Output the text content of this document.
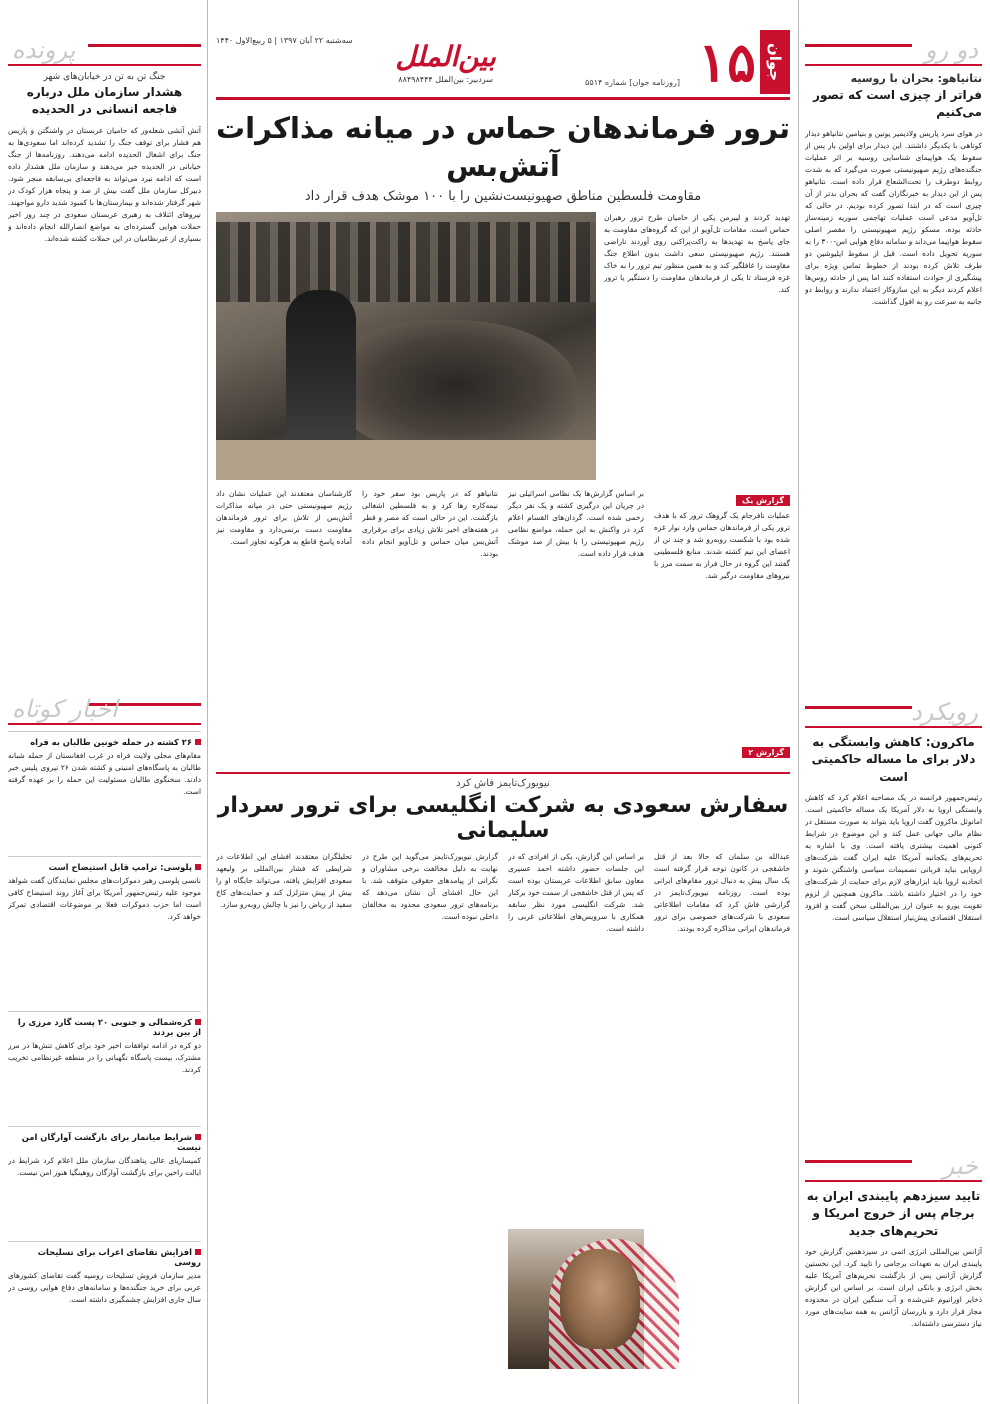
دو رو
نتانیاهو: بحران با روسیه
فراتر از چیزی است که تصور می‌کنیم
در هوای سرد پاریس ولادیمیر پوتین و بنیامین نتانیاهو دیدار کوتاهی با یکدیگر داشتند. این دیدار برای اولین بار پس از سقوط یک هواپیمای شناسایی روسیه بر اثر عملیات جنگنده‌های رژیم صهیونیستی صورت می‌گیرد که به شدت روابط دوطرف را تحت‌الشعاع قرار داده است. نتانیاهو پس از این دیدار به خبرنگاران گفت که بحران بدتر از آن چیزی است که در ابتدا تصور کرده بودیم. در حالی که تل‌آویو مدعی است عملیات تهاجمی سوریه زمینه‌ساز حادثه بوده، مسکو رژیم صهیونیستی را مقصر اصلی سقوط هواپیما می‌داند و سامانه دفاع هوایی اس-۳۰۰ را به سوریه تحویل داده است. قبل از سقوط ایلیوشین دو طرف تلاش کرده بودند از خطوط تماس ویژه برای پیشگیری از حوادث استفاده کنند اما پس از حادثه روس‌ها اعلام کردند دیگر به این سازوکار اعتماد ندارند و روابط دو جانبه به سرعت رو به افول گذاشت.
رویکرد
ماکرون: کاهش وابستگی به دلار برای ما مساله حاکمیتی است
رئیس‌جمهور فرانسه در یک مصاحبه اعلام کرد که کاهش وابستگی اروپا به دلار آمریکا یک مساله حاکمیتی است. امانوئل ماکرون گفت اروپا باید بتواند به صورت مستقل در نظام مالی جهانی عمل کند و این موضوع در شرایط کنونی اهمیت بیشتری یافته است. وی با اشاره به تحریم‌های یکجانبه آمریکا علیه ایران گفت شرکت‌های اروپایی نباید قربانی تصمیمات سیاسی واشنگتن شوند و اتحادیه اروپا باید ابزارهای لازم برای حمایت از شرکت‌های خود را در اختیار داشته باشد. ماکرون همچنین از لزوم تقویت یورو به عنوان ارز بین‌المللی سخن گفت و افزود استقلال اقتصادی پیش‌نیاز استقلال سیاسی است.
خبر
تایید سیزدهم پایبندی ایران به برجام پس از خروج امریکا و تحریم‌های جدید
آژانس بین‌المللی انرژی اتمی در سیزدهمین گزارش خود پایبندی ایران به تعهدات برجامی را تایید کرد. این نخستین گزارش آژانس پس از بازگشت تحریم‌های آمریکا علیه بخش انرژی و بانکی ایران است. بر اساس این گزارش ذخایر اورانیوم غنی‌شده و آب سنگین ایران در محدوده مجاز قرار دارد و بازرسان آژانس به همه سایت‌های مورد نیاز دسترسی داشته‌اند.
پرونده
جنگ تن به تن در خیابان‌های شهر
هشدار سازمان ملل درباره فاجعه انسانی در الحدیده
آتش آتشی شعله‌ور که حامیان عربستان در واشنگتن و پاریس هم فشار برای توقف جنگ را تشدید کرده‌اند اما سعودی‌ها به جنگ برای اشغال الحدیده ادامه می‌دهند. روزنامه‌ها از جنگ خیابانی در الحدیده خبر می‌دهند و سازمان ملل هشدار داده است که ادامه نبرد می‌تواند به فاجعه‌ای بی‌سابقه منجر شود. دبیرکل سازمان ملل گفت بیش از صد و پنجاه هزار کودک در شهر گرفتار شده‌اند و بیمارستان‌ها با کمبود شدید دارو مواجهند. نیروهای ائتلاف به رهبری عربستان سعودی در چند روز اخیر حملات هوایی گسترده‌ای به مواضع انصارالله انجام داده‌اند و بسیاری از غیرنظامیان در این حملات کشته شده‌اند.
اخبار کوتاه
۲۶ کشته در حمله خونین طالبان به فراه
مقام‌های محلی ولایت فراه در غرب افغانستان از حمله شبانه طالبان به پاسگاه‌های امنیتی و کشته شدن ۲۶ نیروی پلیس خبر دادند. سخنگوی طالبان مسئولیت این حمله را بر عهده گرفته است.
پلوسی: ترامپ قابل استیضاح است
نانسی پلوسی رهبر دموکرات‌های مجلس نمایندگان گفت شواهد موجود علیه رئیس‌جمهور آمریکا برای آغاز روند استیضاح کافی است اما حزب دموکرات فعلا بر موضوعات اقتصادی تمرکز خواهد کرد.
کره‌شمالی و جنوبی ۲۰ پست گارد مرزی را از بین بردند
دو کره در ادامه توافقات اخیر خود برای کاهش تنش‌ها در مرز مشترک، بیست پاسگاه نگهبانی را در منطقه غیرنظامی تخریب کردند.
شرایط میانمار برای بازگشت آوارگان امن نیست
کمیساریای عالی پناهندگان سازمان ملل اعلام کرد شرایط در ایالت راخین برای بازگشت آوارگان روهینگیا هنوز امن نیست.
افزایش تقاضای اعراب برای تسلیحات روسی
مدیر سازمان فروش تسلیحات روسیه گفت تقاضای کشورهای عربی برای خرید جنگنده‌ها و سامانه‌های دفاع هوایی روسی در سال جاری افزایش چشمگیری داشته است.
جوان
۱۵
[روزنامه جوان] شماره ۵۵۱۴
بین‌الملل
سردبیر: بین‌الملل ۸۸۴۹۸۴۴۴
سه‌شنبه ۲۲ آبان ۱۳۹۷ | ۵ ربیع‌الاول ۱۴۴۰
ترور فرماندهان حماس در میانه مذاکرات آتش‌بس
مقاومت فلسطین مناطق صهیونیست‌نشین را با ۱۰۰ موشک هدف قرار داد
تهدید کردند و لیبرمن یکی از حامیان طرح ترور رهبران حماس است. مقامات تل‌آویو از این که گروه‌های مقاومت به جای پاسخ به تهدیدها به راکت‌پراکنی روی آوردند ناراضی هستند. رژیم صهیونیستی سعی داشت بدون اطلاع جنگ مقاومت را غافلگیر کند و به همین منظور تیم ترور را به خاک غزه فرستاد تا یکی از فرماندهان مقاومت را دستگیر یا ترور کند.
گزارش یک
عملیات نافرجام یک گروهک ترور که با هدف ترور یکی از فرماندهان حماس وارد نوار غزه شده بود با شکست روبه‌رو شد و چند تن از اعضای این تیم کشته شدند. منابع فلسطینی گفتند این گروه در حال فرار به سمت مرز با نیروهای مقاومت درگیر شد.
بر اساس گزارش‌ها یک نظامی اسرائیلی نیز در جریان این درگیری کشته و یک نفر دیگر زخمی شده است. گردان‌های القسام اعلام کرد در واکنش به این حمله، مواضع نظامی رژیم صهیونیستی را با بیش از صد موشک هدف قرار داده است.
نتانیاهو که در پاریس بود سفر خود را نیمه‌کاره رها کرد و به فلسطین اشغالی بازگشت. این در حالی است که مصر و قطر در هفته‌های اخیر تلاش زیادی برای برقراری آتش‌بس میان حماس و تل‌آویو انجام داده بودند.
کارشناسان معتقدند این عملیات نشان داد رژیم صهیونیستی حتی در میانه مذاکرات آتش‌بس از تلاش برای ترور فرماندهان مقاومت دست برنمی‌دارد و مقاومت نیز آماده پاسخ قاطع به هرگونه تجاوز است.
گزارش ۲
نیویورک‌تایمز فاش کرد
سفارش سعودی به شرکت انگلیسی برای ترور سردار سلیمانی
عبدالله بن سلمان که حالا بعد از قتل خاشقجی در کانون توجه قرار گرفته است یک سال پیش به دنبال ترور مقام‌های ایرانی بوده است. روزنامه نیویورک‌تایمز در گزارشی فاش کرد که مقامات اطلاعاتی سعودی با شرکت‌های خصوصی برای ترور فرماندهان ایرانی مذاکره کرده بودند.
بر اساس این گزارش، یکی از افرادی که در این جلسات حضور داشته احمد عسیری معاون سابق اطلاعات عربستان بوده است که پس از قتل خاشقجی از سمت خود برکنار شد. شرکت انگلیسی مورد نظر سابقه همکاری با سرویس‌های اطلاعاتی غربی را داشته است.
گزارش نیویورک‌تایمز می‌گوید این طرح در نهایت به دلیل مخالفت برخی مشاوران و نگرانی از پیامدهای حقوقی متوقف شد. با این حال افشای آن نشان می‌دهد که برنامه‌های ترور سعودی محدود به مخالفان داخلی نبوده است.
تحلیلگران معتقدند افشای این اطلاعات در شرایطی که فشار بین‌المللی بر ولیعهد سعودی افزایش یافته، می‌تواند جایگاه او را بیش از پیش متزلزل کند و حمایت‌های کاخ سفید از ریاض را نیز با چالش روبه‌رو سازد.
